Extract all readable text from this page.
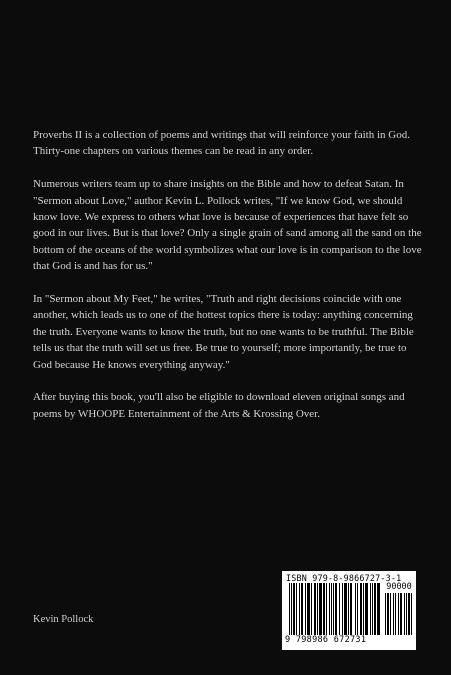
Proverbs II is a collection of poems and writings that will reinforce your faith in God. Thirty-one chapters on various themes can be read in any order.

Numerous writers team up to share insights on the Bible and how to defeat Satan. In "Sermon about Love," author Kevin L. Pollock writes, "If we know God, we should know love. We express to others what love is because of experiences that have felt so good in our lives. But is that love? Only a single grain of sand among all the sand on the bottom of the oceans of the world symbolizes what our love is in comparison to the love that God is and has for us."

In "Sermon about My Feet," he writes, "Truth and right decisions coincide with one another, which leads us to one of the hottest topics there is today: anything concerning the truth. Everyone wants to know the truth, but no one wants to be truthful. The Bible tells us that the truth will set us free. Be true to yourself; more importantly, be true to God because He knows everything anyway."

After buying this book, you'll also be eligible to download eleven original songs and poems by WHOOPE Entertainment of the Arts & Krossing Over.

Kevin Pollock
ISBN 979-8-9866727-3-1
90000
9 798986 672731
